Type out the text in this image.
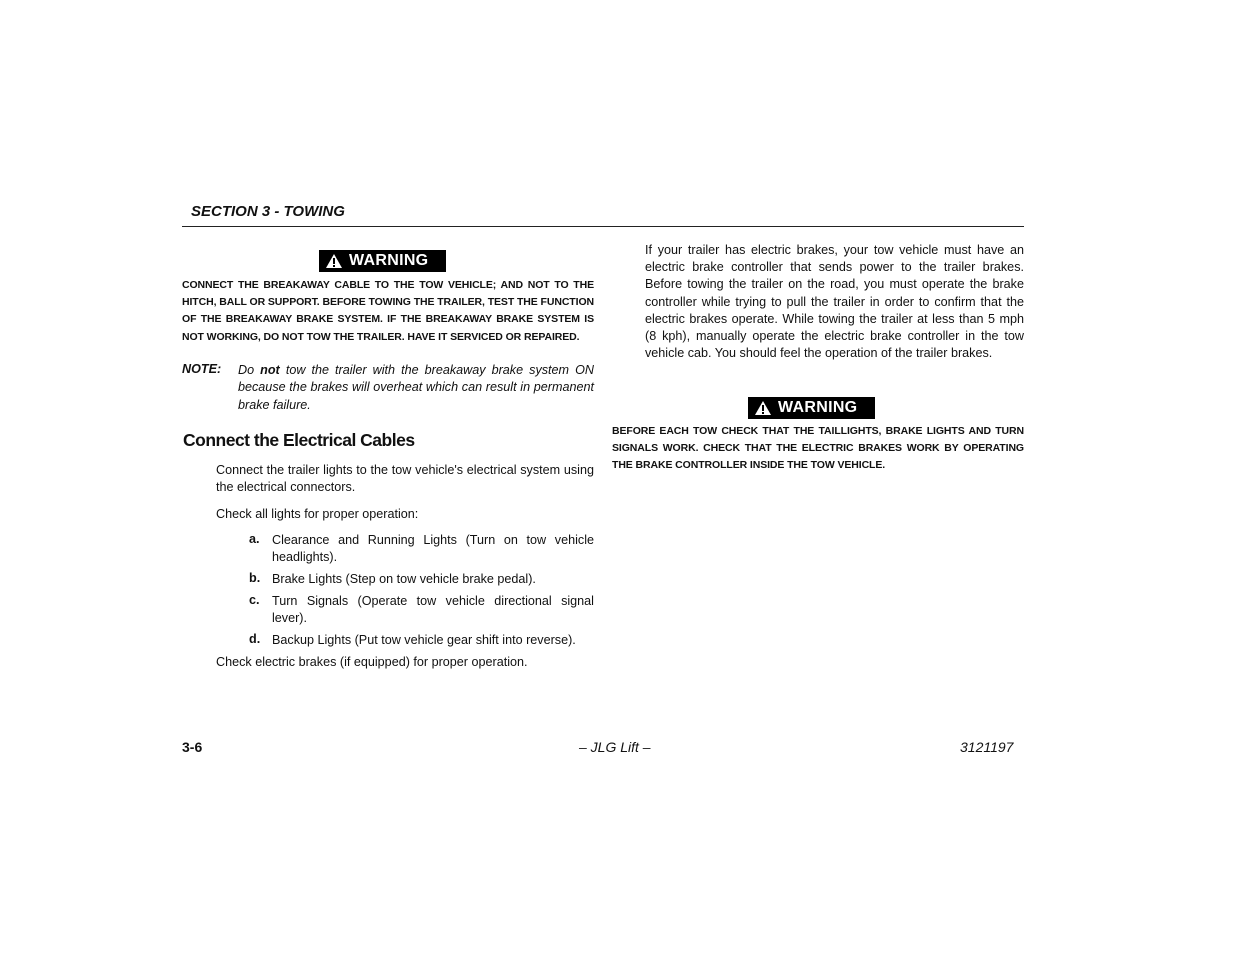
SECTION 3 - TOWING
WARNING
CONNECT THE BREAKAWAY CABLE TO THE TOW VEHICLE; AND NOT TO THE HITCH, BALL OR SUPPORT. BEFORE TOWING THE TRAILER, TEST THE FUNCTION OF THE BREAKAWAY BRAKE SYSTEM. IF THE BREAKAWAY BRAKE SYSTEM IS NOT WORKING, DO NOT TOW THE TRAILER. HAVE IT SERVICED OR REPAIRED.
NOTE: Do not tow the trailer with the breakaway brake system ON because the brakes will overheat which can result in permanent brake failure.
Connect the Electrical Cables
Connect the trailer lights to the tow vehicle's electrical system using the electrical connectors.
Check all lights for proper operation:
a. Clearance and Running Lights (Turn on tow vehicle headlights).
b. Brake Lights (Step on tow vehicle brake pedal).
c. Turn Signals (Operate tow vehicle directional signal lever).
d. Backup Lights (Put tow vehicle gear shift into reverse).
Check electric brakes (if equipped) for proper operation.
If your trailer has electric brakes, your tow vehicle must have an electric brake controller that sends power to the trailer brakes. Before towing the trailer on the road, you must operate the brake controller while trying to pull the trailer in order to confirm that the electric brakes operate. While towing the trailer at less than 5 mph (8 kph), manually operate the electric brake controller in the tow vehicle cab. You should feel the operation of the trailer brakes.
WARNING
BEFORE EACH TOW CHECK THAT THE TAILLIGHTS, BRAKE LIGHTS AND TURN SIGNALS WORK. CHECK THAT THE ELECTRIC BRAKES WORK BY OPERATING THE BRAKE CONTROLLER INSIDE THE TOW VEHICLE.
3-6	– JLG Lift –	3121197
